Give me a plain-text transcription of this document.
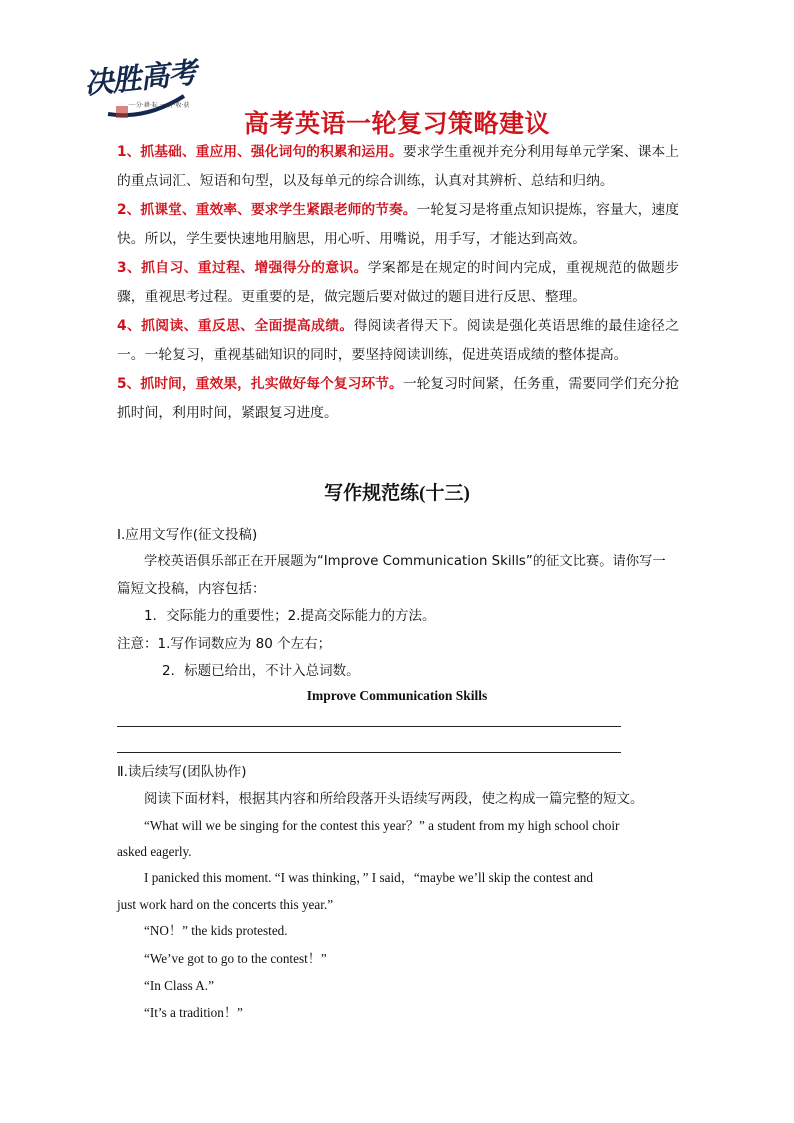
决胜高考
一·分·耕·耘 一·分·收·获
高考英语一轮复习策略建议
1、抓基础、重应用、强化词句的积累和运用。要求学生重视并充分利用每单元学案、课本上的重点词汇、短语和句型，以及每单元的综合训练，认真对其辨析、总结和归纳。
2、抓课堂、重效率、要求学生紧跟老师的节奏。一轮复习是将重点知识提炼，容量大，速度快。所以，学生要快速地用脑思，用心听、用嘴说，用手写，才能达到高效。
3、抓自习、重过程、增强得分的意识。学案都是在规定的时间内完成，重视规范的做题步骤，重视思考过程。更重要的是，做完题后要对做过的题目进行反思、整理。
4、抓阅读、重反思、全面提高成绩。得阅读者得天下。阅读是强化英语思维的最佳途径之一。一轮复习，重视基础知识的同时，要坚持阅读训练，促进英语成绩的整体提高。
5、抓时间，重效果，扎实做好每个复习环节。一轮复习时间紧，任务重，需要同学们充分抢抓时间，利用时间，紧跟复习进度。
写作规范练(十三)
Ⅰ.应用文写作(征文投稿)
学校英语俱乐部正在开展题为“Improve Communication Skills”的征文比赛。请你写一
篇短文投稿，内容包括：
1．交际能力的重要性；2.提高交际能力的方法。
注意：1.写作词数应为 80 个左右；
2．标题已给出，不计入总词数。
Improve Communication Skills
Ⅱ.读后续写(团队协作)
阅读下面材料，根据其内容和所给段落开头语续写两段，使之构成一篇完整的短文。
“What will we be singing for the contest this year？” a student from my high school choir
asked eagerly.
I panicked this moment. “I was thinking，” I said，“maybe we’ll skip the contest and
just work hard on the concerts this year.”
“NO！” the kids protested.
“We’ve got to go to the contest！”
“In Class A.”
“It’s a tradition！”
